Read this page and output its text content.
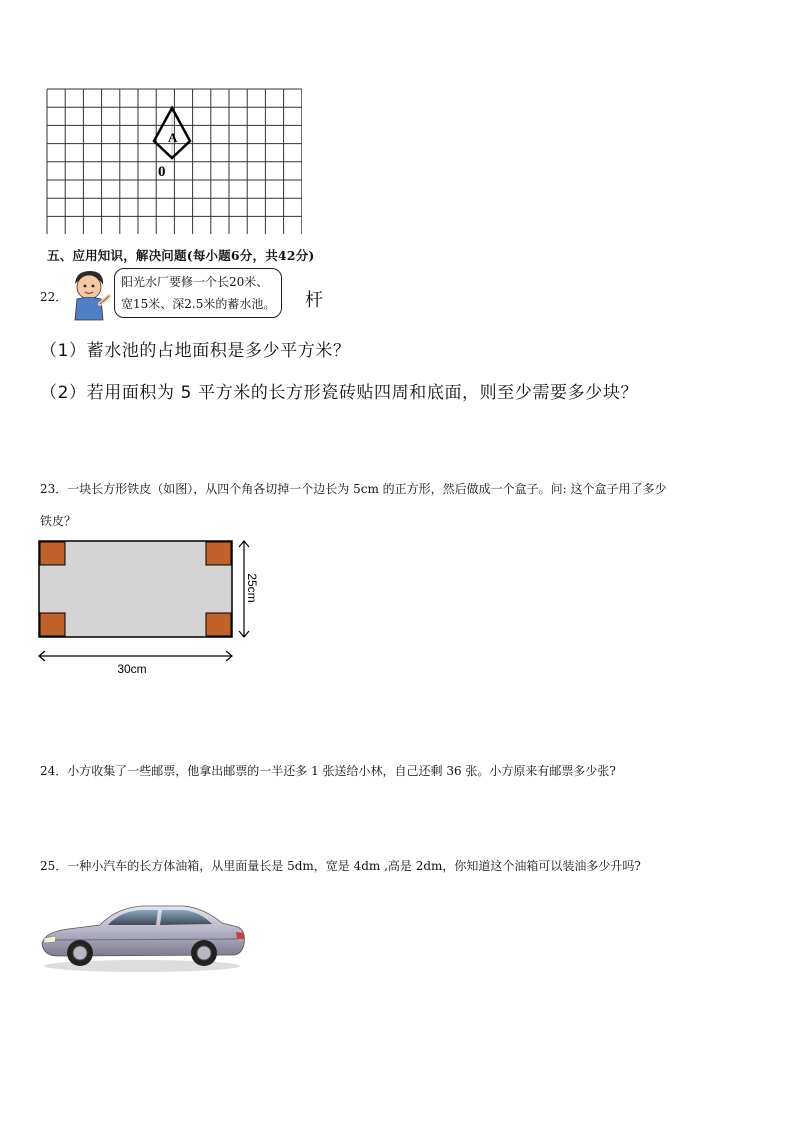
A
0
五、应用知识，解决问题(每小题6分，共42分)
22．
阳光水厂要修一个长20米、
宽15米、深2.5米的蓄水池。 杆
（1）蓄水池的占地面积是多少平方米？
（2）若用面积为 5 平方米的长方形瓷砖贴四周和底面，则至少需要多少块？
23．一块长方形铁皮（如图），从四个角各切掉一个边长为 5cm 的正方形，然后做成一个盒子。问: 这个盒子用了多少
铁皮？
25cm
30cm
24．小方收集了一些邮票，他拿出邮票的一半还多 1 张送给小林，自己还剩 36 张。小方原来有邮票多少张?
25．一种小汽车的长方体油箱，从里面量长是 5dm，宽是 4dm ,高是 2dm，你知道这个油箱可以装油多少升吗?
